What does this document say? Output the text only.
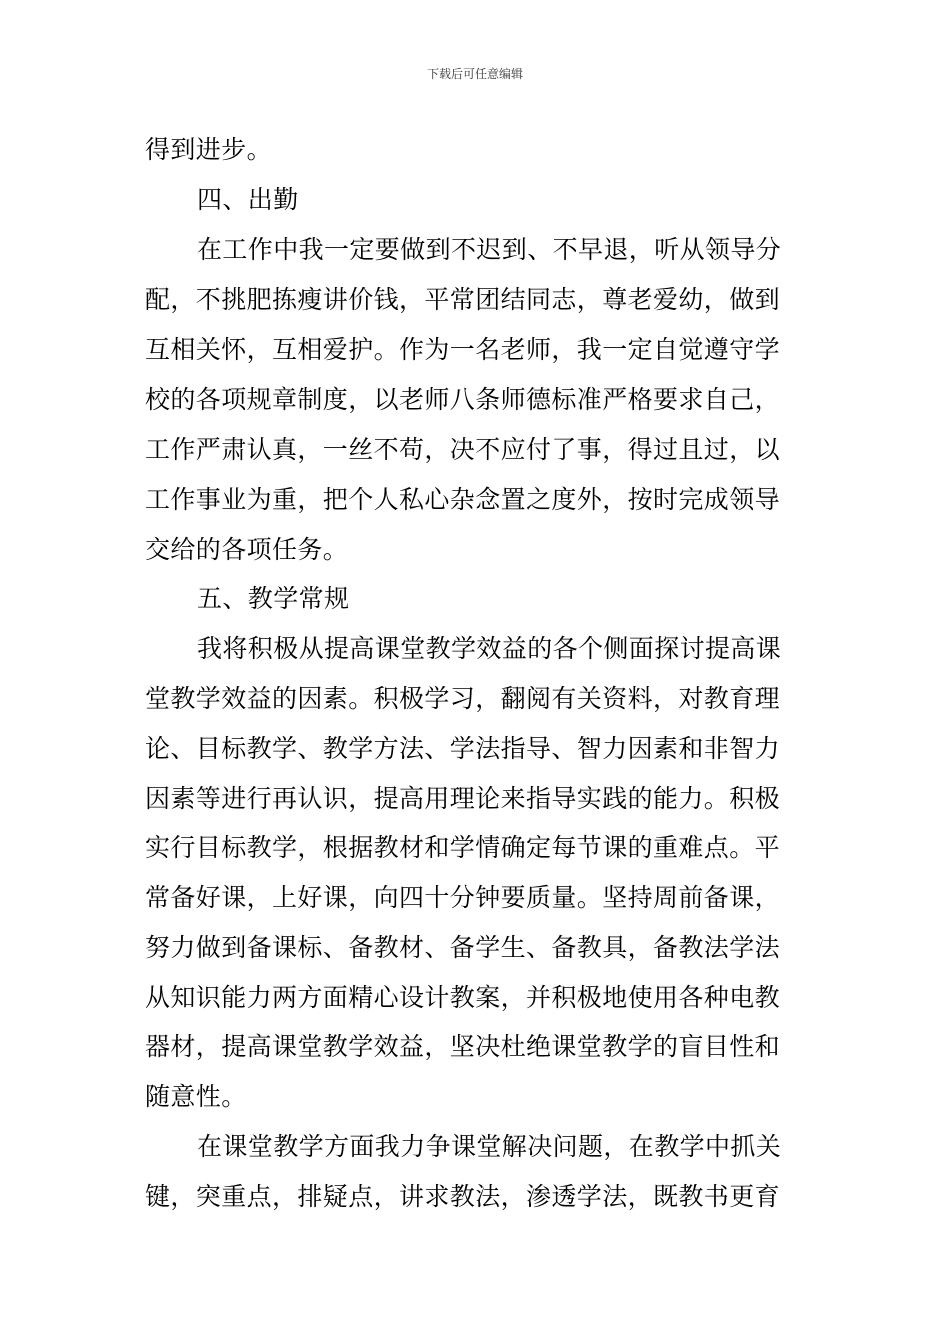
下载后可任意编辑
得到进步。
四、出勤
在工作中我一定要做到不迟到、不早退，听从领导分
配，不挑肥拣瘦讲价钱，平常团结同志，尊老爱幼，做到
互相关怀，互相爱护。作为一名老师，我一定自觉遵守学
校的各项规章制度，以老师八条师德标准严格要求自己，
工作严肃认真，一丝不苟，决不应付了事，得过且过，以
工作事业为重，把个人私心杂念置之度外，按时完成领导
交给的各项任务。
五、教学常规
我将积极从提高课堂教学效益的各个侧面探讨提高课
堂教学效益的因素。积极学习，翻阅有关资料，对教育理
论、目标教学、教学方法、学法指导、智力因素和非智力
因素等进行再认识，提高用理论来指导实践的能力。积极
实行目标教学，根据教材和学情确定每节课的重难点。平
常备好课，上好课，向四十分钟要质量。坚持周前备课，
努力做到备课标、备教材、备学生、备教具，备教法学法
从知识能力两方面精心设计教案，并积极地使用各种电教
器材，提高课堂教学效益，坚决杜绝课堂教学的盲目性和
随意性。
在课堂教学方面我力争课堂解决问题，在教学中抓关
键，突重点，排疑点，讲求教法，渗透学法，既教书更育
